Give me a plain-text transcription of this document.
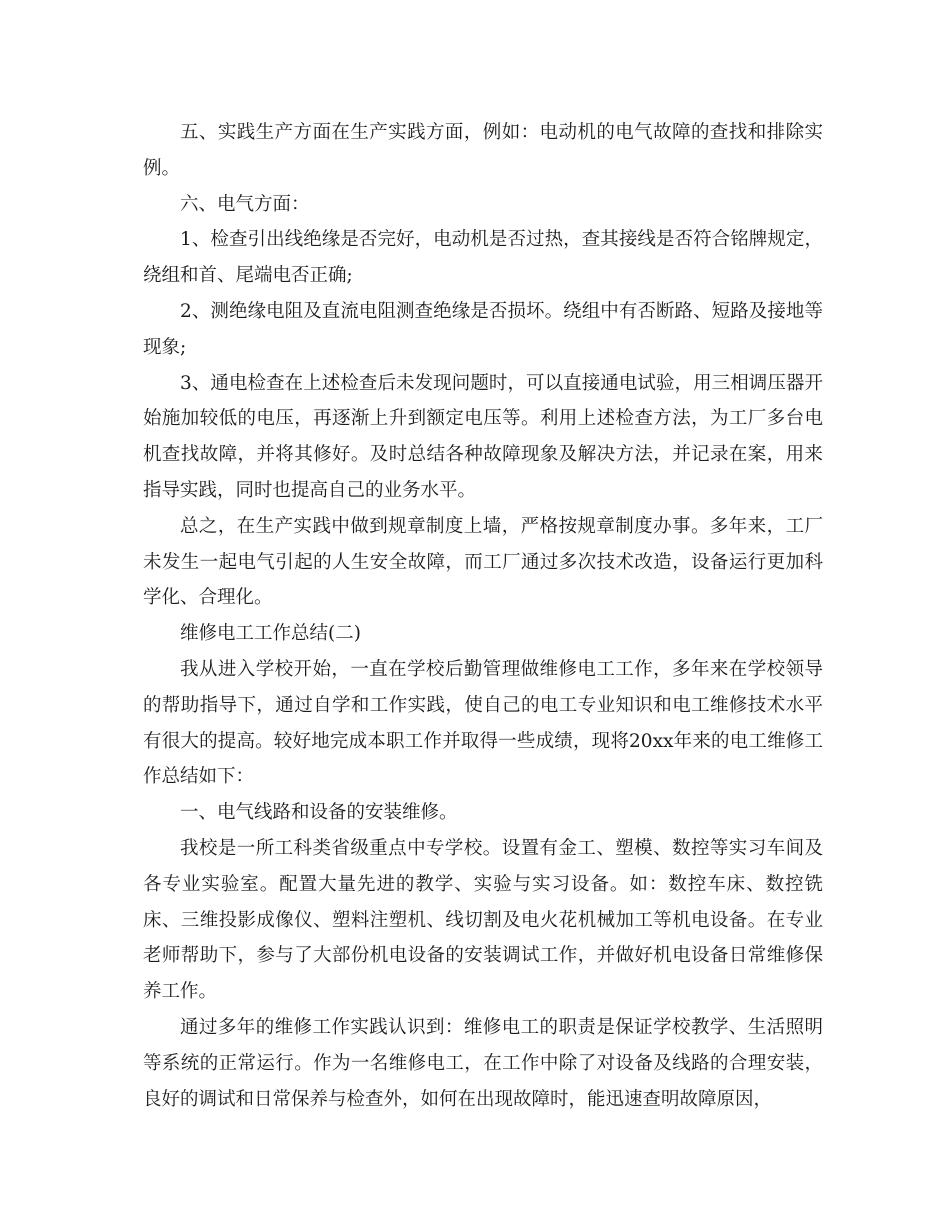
五、实践生产方面在生产实践方面，例如：电动机的电气故障的查找和排除实例。

六、电气方面：

1、检查引出线绝缘是否完好，电动机是否过热，查其接线是否符合铭牌规定，绕组和首、尾端电否正确;

2、测绝缘电阻及直流电阻测查绝缘是否损坏。绕组中有否断路、短路及接地等现象;

3、通电检查在上述检查后未发现问题时，可以直接通电试验，用三相调压器开始施加较低的电压，再逐渐上升到额定电压等。利用上述检查方法，为工厂多台电机查找故障，并将其修好。及时总结各种故障现象及解决方法，并记录在案，用来指导实践，同时也提高自己的业务水平。

总之，在生产实践中做到规章制度上墙，严格按规章制度办事。多年来，工厂未发生一起电气引起的人生安全故障，而工厂通过多次技术改造，设备运行更加科学化、合理化。

维修电工工作总结(二)

我从进入学校开始，一直在学校后勤管理做维修电工工作，多年来在学校领导的帮助指导下，通过自学和工作实践，使自己的电工专业知识和电工维修技术水平有很大的提高。较好地完成本职工作并取得一些成绩，现将20xx年来的电工维修工作总结如下：

一、电气线路和设备的安装维修。

我校是一所工科类省级重点中专学校。设置有金工、塑模、数控等实习车间及各专业实验室。配置大量先进的教学、实验与实习设备。如：数控车床、数控铣床、三维投影成像仪、塑料注塑机、线切割及电火花机械加工等机电设备。在专业老师帮助下，参与了大部份机电设备的安装调试工作，并做好机电设备日常维修保养工作。

通过多年的维修工作实践认识到：维修电工的职责是保证学校教学、生活照明等系统的正常运行。作为一名维修电工，在工作中除了对设备及线路的合理安装，良好的调试和日常保养与检查外，如何在出现故障时，能迅速查明故障原因，
